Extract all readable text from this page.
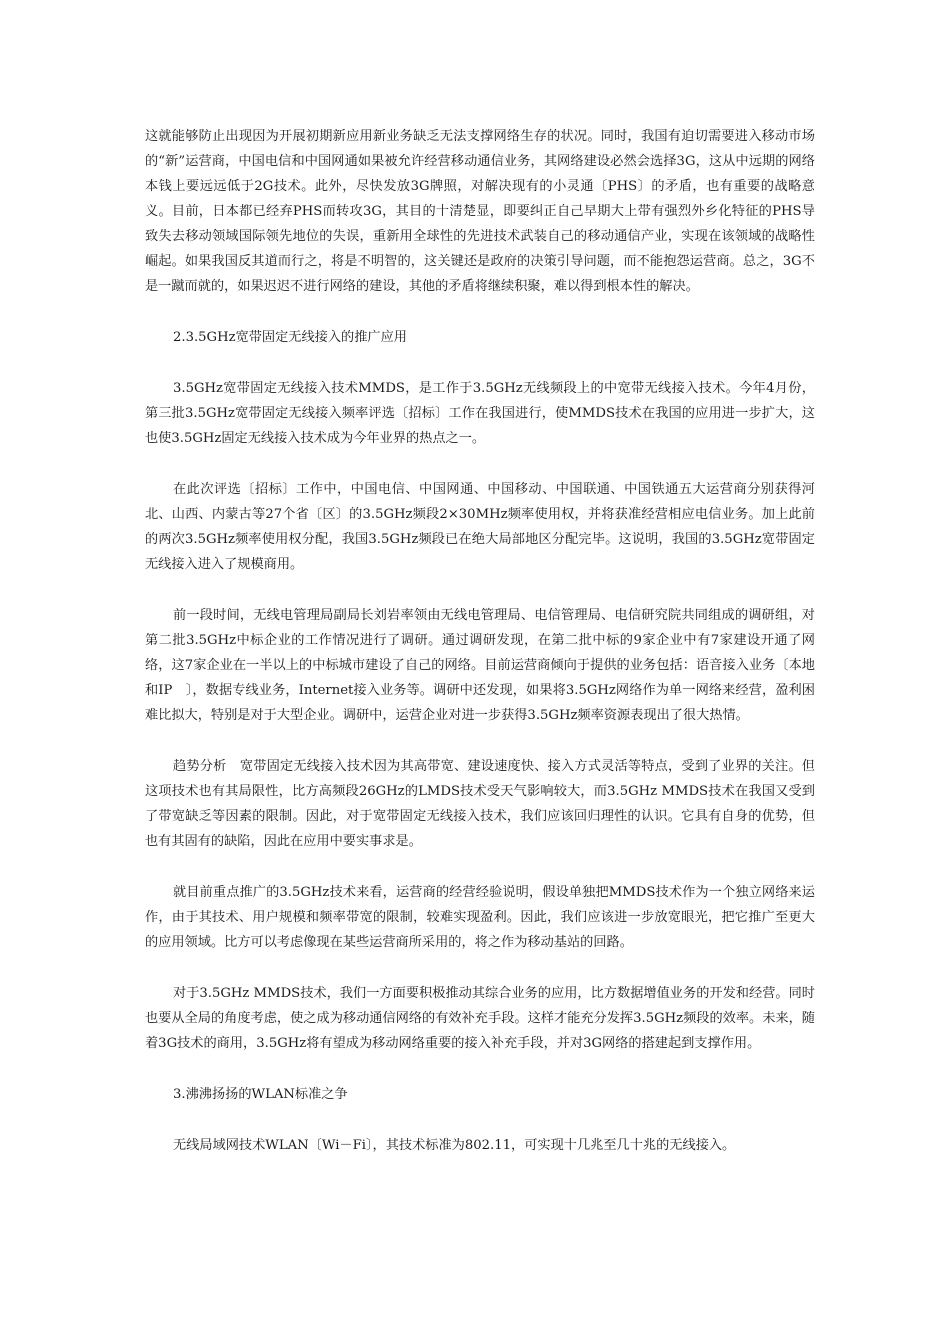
这就能够防止出现因为开展初期新应用新业务缺乏无法支撑网络生存的状况。同时，我国有迫切需要进入移动市场的“新”运营商，中国电信和中国网通如果被允许经营移动通信业务，其网络建设必然会选择3G，这从中远期的网络本钱上要远远低于2G技术。此外，尽快发放3G牌照，对解决现有的小灵通〔PHS〕的矛盾，也有重要的战略意义。目前，日本都已经弃PHS而转攻3G，其目的十清楚显，即要纠正自己早期大上带有强烈外乡化特征的PHS导致失去移动领域国际领先地位的失误，重新用全球性的先进技术武装自己的移动通信产业，实现在该领域的战略性崛起。如果我国反其道而行之，将是不明智的，这关键还是政府的决策引导问题，而不能抱怨运营商。总之，3G不是一蹴而就的，如果迟迟不进行网络的建设，其他的矛盾将继续积聚，难以得到根本性的解决。

2.3.5GHz宽带固定无线接入的推广应用

3.5GHz宽带固定无线接入技术MMDS，是工作于3.5GHz无线频段上的中宽带无线接入技术。今年4月份，第三批3.5GHz宽带固定无线接入频率评选〔招标〕工作在我国进行，使MMDS技术在我国的应用进一步扩大，这也使3.5GHz固定无线接入技术成为今年业界的热点之一。

在此次评选〔招标〕工作中，中国电信、中国网通、中国移动、中国联通、中国铁通五大运营商分别获得河北、山西、内蒙古等27个省〔区〕的3.5GHz频段2×30MHz频率使用权，并将获准经营相应电信业务。加上此前的两次3.5GHz频率使用权分配，我国3.5GHz频段已在绝大局部地区分配完毕。这说明，我国的3.5GHz宽带固定无线接入进入了规模商用。

前一段时间，无线电管理局副局长刘岩率领由无线电管理局、电信管理局、电信研究院共同组成的调研组，对第二批3.5GHz中标企业的工作情况进行了调研。通过调研发现，在第二批中标的9家企业中有7家建设开通了网络，这7家企业在一半以上的中标城市建设了自己的网络。目前运营商倾向于提供的业务包括：语音接入业务〔本地和IP　〕，数据专线业务，Internet接入业务等。调研中还发现，如果将3.5GHz网络作为单一网络来经营，盈利困难比拟大，特别是对于大型企业。调研中，运营企业对进一步获得3.5GHz频率资源表现出了很大热情。

趋势分析　宽带固定无线接入技术因为其高带宽、建设速度快、接入方式灵活等特点，受到了业界的关注。但这项技术也有其局限性，比方高频段26GHz的LMDS技术受天气影响较大，而3.5GHz MMDS技术在我国又受到了带宽缺乏等因素的限制。因此，对于宽带固定无线接入技术，我们应该回归理性的认识。它具有自身的优势，但也有其固有的缺陷，因此在应用中要实事求是。

就目前重点推广的3.5GHz技术来看，运营商的经营经验说明，假设单独把MMDS技术作为一个独立网络来运作，由于其技术、用户规模和频率带宽的限制，较难实现盈利。因此，我们应该进一步放宽眼光，把它推广至更大的应用领域。比方可以考虑像现在某些运营商所采用的，将之作为移动基站的回路。

对于3.5GHz MMDS技术，我们一方面要积极推动其综合业务的应用，比方数据增值业务的开发和经营。同时也要从全局的角度考虑，使之成为移动通信网络的有效补充手段。这样才能充分发挥3.5GHz频段的效率。未来，随着3G技术的商用，3.5GHz将有望成为移动网络重要的接入补充手段，并对3G网络的搭建起到支撑作用。

3.沸沸扬扬的WLAN标准之争

无线局域网技术WLAN〔Wi－Fi〕，其技术标准为802.11，可实现十几兆至几十兆的无线接入。
